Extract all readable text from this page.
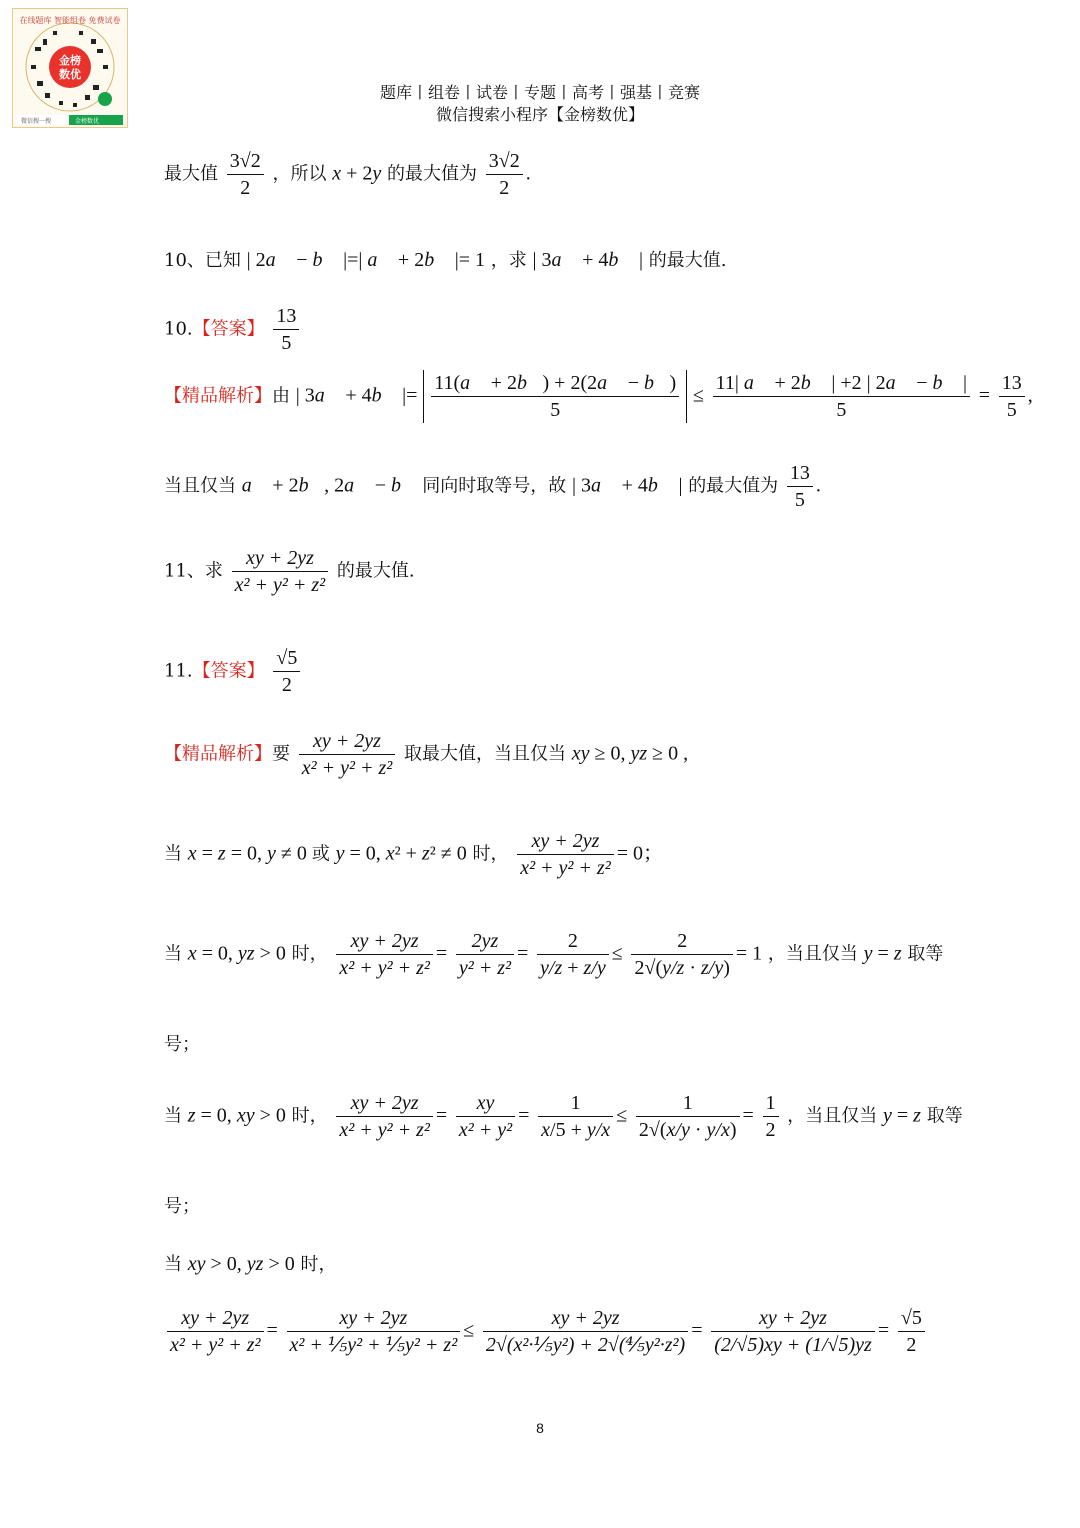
金榜
数优
在线题库 智能组卷 免费试卷
微信搜一搜	金榜数优
题库丨组卷丨试卷丨专题丨高考丨强基丨竞赛
微信搜索小程序【金榜数优】
最大值 $\frac{3√2}{2}$ ，所以 x + 2y 的最大值为 $\frac{3√2}{2}$ .
10、已知 | 2a⃗ − b⃗ |=| a⃗ + 2b⃗ |= 1 ，求 | 3a⃗ + 4b⃗ | 的最大值.
10.【答案】 $\frac{13}{5}$
【精品解析】由 | 3a⃗ + 4b⃗ |= $\frac{11(a⃗ + 2b⃗) + 2(2a⃗ - b⃗)}{5} \le \frac{11| a⃗ + 2b⃗ | +2 | 2a⃗ - b⃗ |}{5} = \frac{13}{5}$ ,
当且仅当 a⃗ + 2b⃗, 2a⃗ − b⃗ 同向时取等号，故 | 3a⃗ + 4b⃗ | 的最大值为 $\frac{13}{5}$ .
11、求 $\frac{xy + 2yz}{\text{x² + y² + z²}}$ 的最大值.
11.【答案】 $\frac{√5}{2}$
【精品解析】要 $\frac{xy + 2yz}{\text{x² + y² + z²}}$ 取最大值，当且仅当 xy ≥ 0, yz ≥ 0 ,
当 x = z = 0, y ≠ 0 或 y = 0, x² + z² ≠ 0 时， $\frac{xy + 2yz}{\text{x² + y² + z²}} = 0$；
当 x = 0, yz > 0 时， $\frac{xy + 2yz}{\text{x² + y² + z²}} = \frac{2yz}{\text{y² + z²}} = \frac{2}{y/z + z/y} \le \frac{2}{2√(y/z \cdot z/y)} = 1$ ，当且仅当 y = z 取等
号；
当 z = 0, xy > 0 时， $\frac{xy + 2yz}{\text{x² + y² + z²}} = \frac{xy}{\text{x² + y²}} = \frac{1}{x/5 + y/x} \le \frac{1}{2√(x/y \cdot y/x)} = \frac{1}{2}$ ，当且仅当 y = z 取等
号；
当 xy > 0, yz > 0 时，
$\frac{xy + 2yz}{\text{x² + y² + z²}} = \frac{xy + 2yz}{\text{x² + ⅕y² + ⅕y² + z²}} \le \frac{xy + 2yz}{\text{2√(x²·⅕y²) + 2√(⅘y²·z²)}} = \frac{xy + 2yz}{(2/√5)xy + (1/√5)yz} = \frac{√5}{2}$
8
